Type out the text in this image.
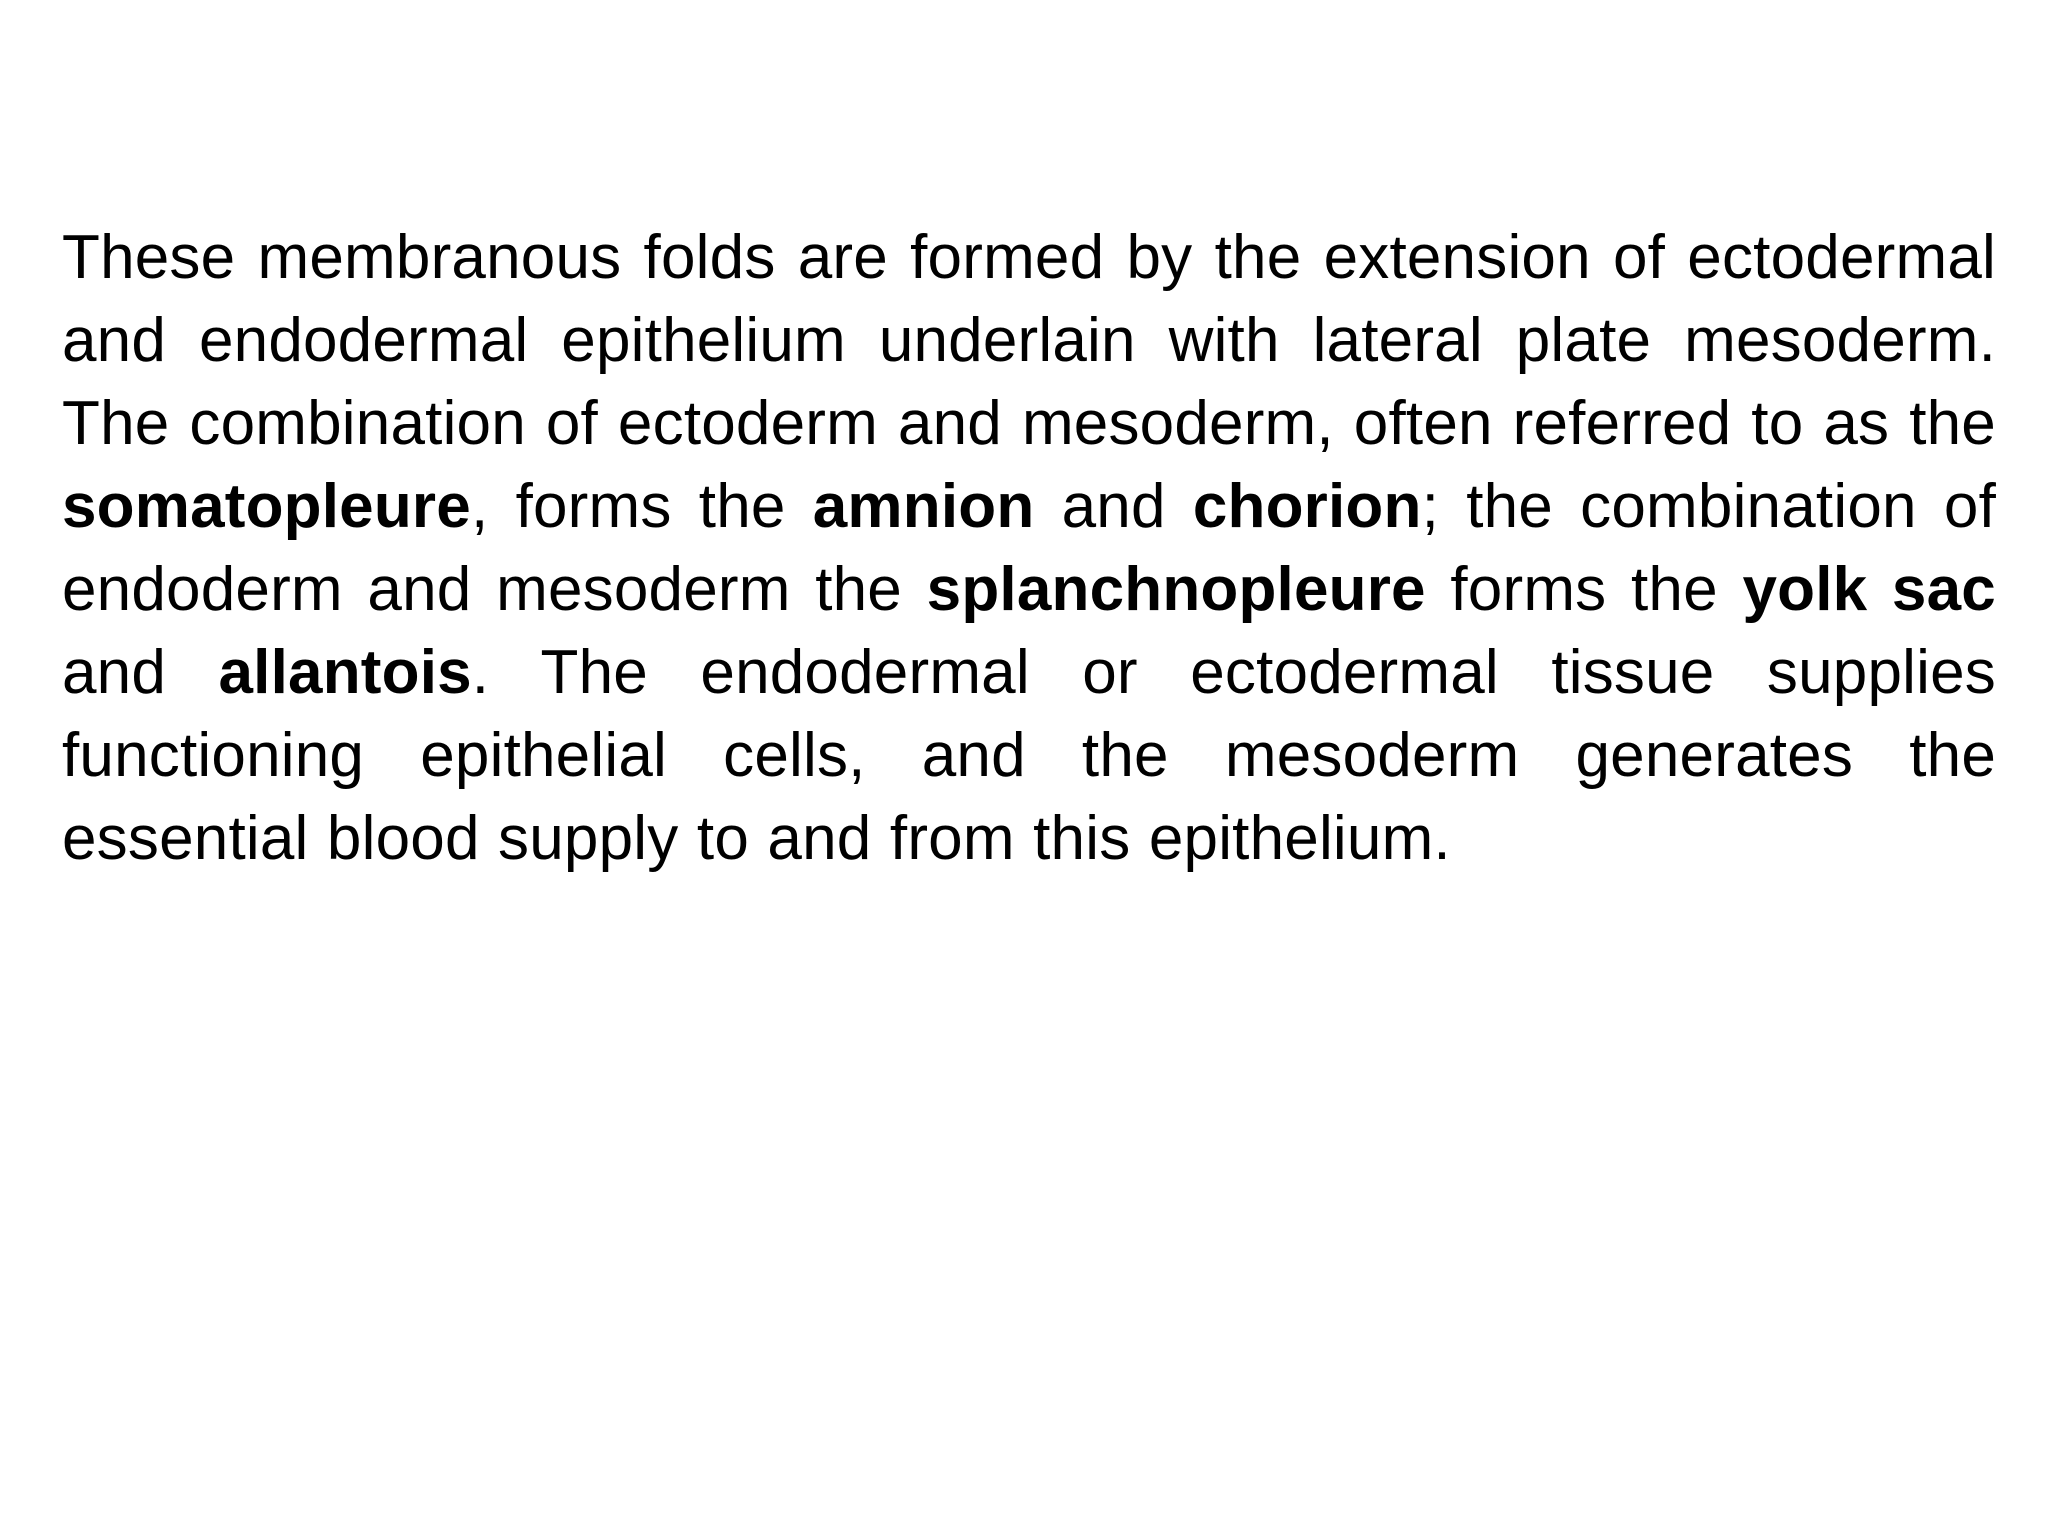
These membranous folds are formed by the extension of ectodermal and endodermal epithelium underlain with lateral plate mesoderm. The combination of ectoderm and mesoderm, often referred to as the somatopleure, forms the amnion and chorion; the combination of endoderm and mesoderm the splanchnopleure forms the yolk sac and allantois. The endodermal or ectodermal tissue supplies functioning epithelial cells, and the mesoderm generates the essential blood supply to and from this epithelium.
